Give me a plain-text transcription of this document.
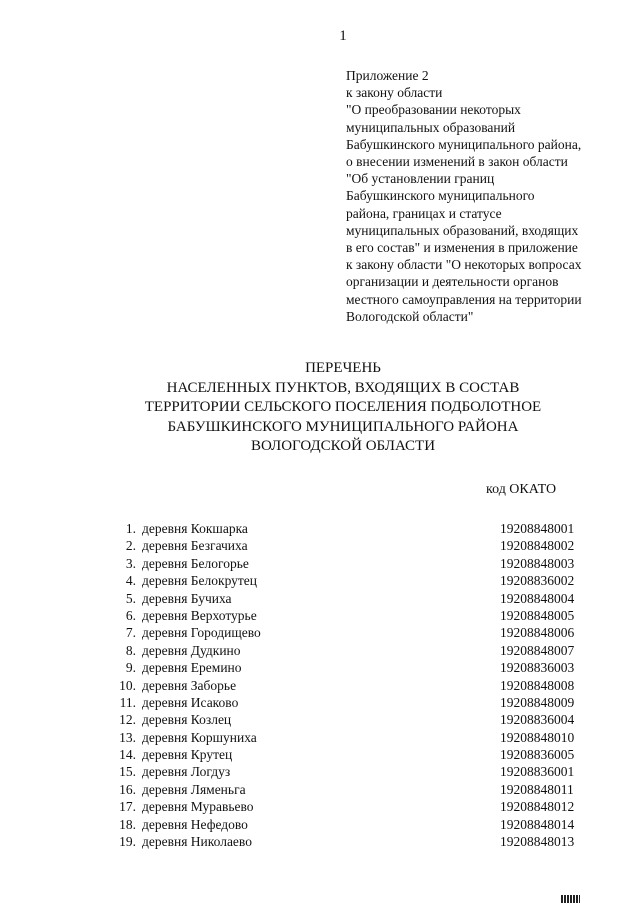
1
Приложение 2
к закону области
"О преобразовании некоторых
муниципальных образований
Бабушкинского муниципального района,
о внесении изменений в закон области
"Об установлении границ
Бабушкинского муниципального
района, границах и статусе
муниципальных образований, входящих
в его состав" и изменения в приложение
к закону области "О некоторых вопросах
организации и деятельности органов
местного самоуправления на территории
Вологодской области"
ПЕРЕЧЕНЬ
НАСЕЛЕННЫХ ПУНКТОВ, ВХОДЯЩИХ В СОСТАВ
ТЕРРИТОРИИ СЕЛЬСКОГО ПОСЕЛЕНИЯ ПОДБОЛОТНОЕ
БАБУШКИНСКОГО МУНИЦИПАЛЬНОГО РАЙОНА
ВОЛОГОДСКОЙ ОБЛАСТИ
код ОКАТО
1. деревня Кокшарка	19208848001
2. деревня Безгачиха	19208848002
3. деревня Белогорье	19208848003
4. деревня Белокрутец	19208836002
5. деревня Бучиха	19208848004
6. деревня Верхотурье	19208848005
7. деревня Городищево	19208848006
8. деревня Дудкино	19208848007
9. деревня Еремино	19208836003
10. деревня Заборье	19208848008
11. деревня Исаково	19208848009
12. деревня Козлец	19208836004
13. деревня Коршуниха	19208848010
14. деревня Крутец	19208836005
15. деревня Логдуз	19208836001
16. деревня Ляменьга	19208848011
17. деревня Муравьево	19208848012
18. деревня Нефедово	19208848014
19. деревня Николаево	19208848013
